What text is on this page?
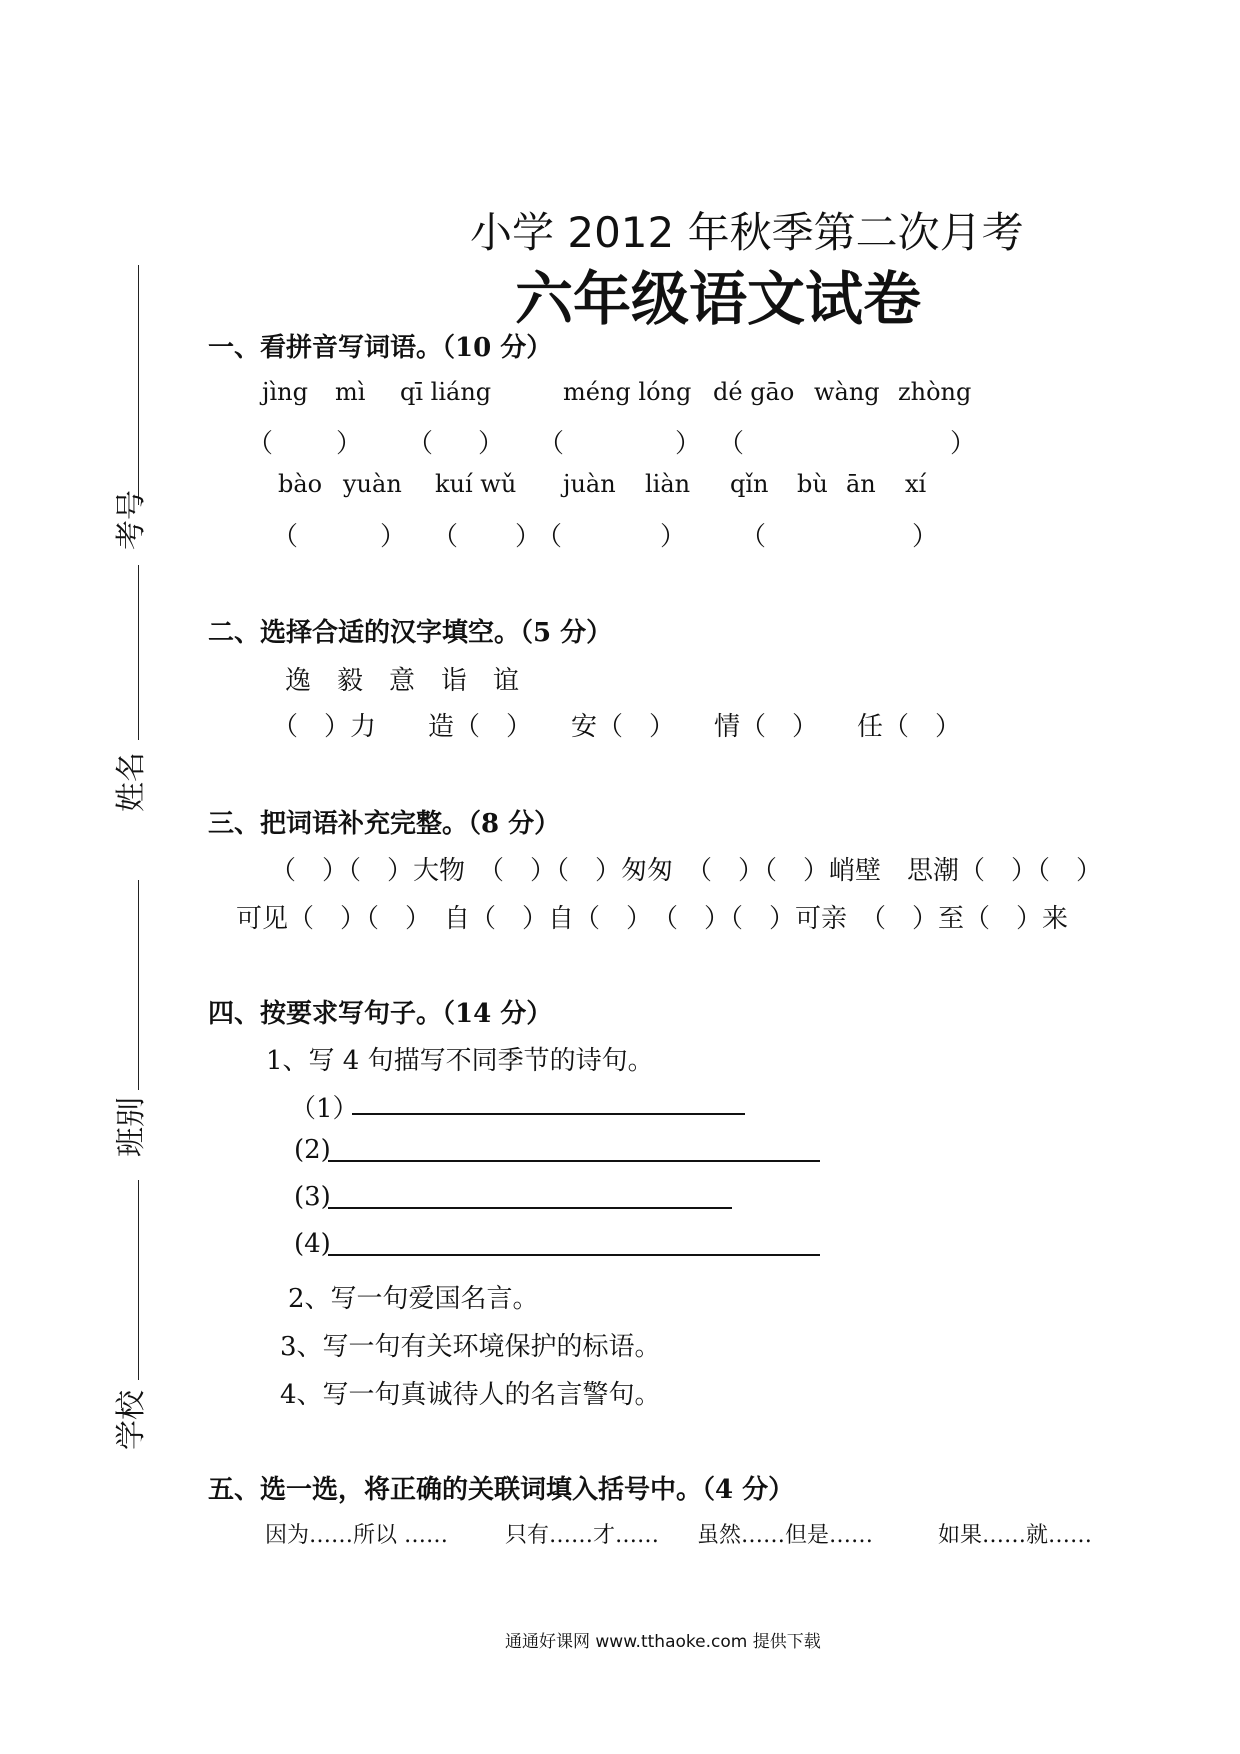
小学 2012 年秋季第二次月考
六年级语文试卷
考号
姓名
班别
学校
一、看拼音写词语。（10 分）
jìng mì qī liáng	méng lóng dé gāo wàng zhòng
（ ） （ ） （	） （	）
bào yuàn kuí wǔ juàn liàn qǐn bù ān xí
（	） （ ）
（	） （	）
二、选择合适的汉字填空。（5 分）
逸　毅　意　诣　谊
（　）力　　造（　）　　安（　）　　情（　）　　任（　）
三、把词语补充完整。（8 分）
（　）（　）大物　（　）（　）匆匆　（　）（　）峭壁　思潮（　）（　）
可见（　）（　）　自（　）自（　）　（　）（　）可亲　（　）至（　）来
四、按要求写句子。（14 分）
1、写 4 句描写不同季节的诗句。
（1）
(2)
(3)
(4)
2、写一句爱国名言。
3、写一句有关环境保护的标语。
4、写一句真诚待人的名言警句。
五、选一选，将正确的关联词填入括号中。（4 分）
因为……所以 ……	只有……才…… 虽然……但是……	如果……就……
通通好课网 www.tthaoke.com 提供下载
